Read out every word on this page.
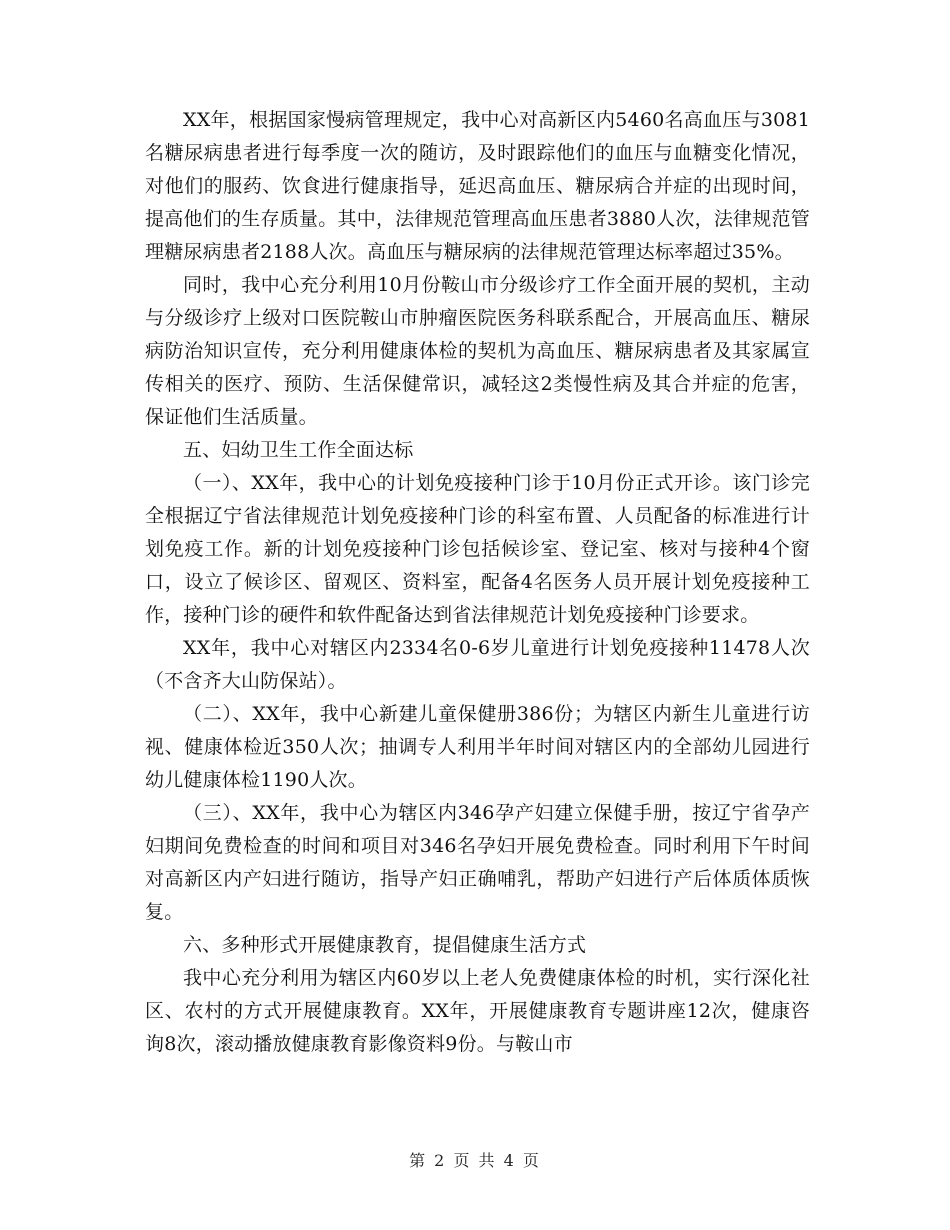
XX年，根据国家慢病管理规定，我中心对高新区内5460名高血压与3081名糖尿病患者进行每季度一次的随访，及时跟踪他们的血压与血糖变化情况，对他们的服药、饮食进行健康指导，延迟高血压、糖尿病合并症的出现时间，提高他们的生存质量。其中，法律规范管理高血压患者3880人次，法律规范管理糖尿病患者2188人次。高血压与糖尿病的法律规范管理达标率超过35%。

同时，我中心充分利用10月份鞍山市分级诊疗工作全面开展的契机，主动与分级诊疗上级对口医院鞍山市肿瘤医院医务科联系配合，开展高血压、糖尿病防治知识宣传，充分利用健康体检的契机为高血压、糖尿病患者及其家属宣传相关的医疗、预防、生活保健常识，减轻这2类慢性病及其合并症的危害，保证他们生活质量。

五、妇幼卫生工作全面达标

（一）、XX年，我中心的计划免疫接种门诊于10月份正式开诊。该门诊完全根据辽宁省法律规范计划免疫接种门诊的科室布置、人员配备的标准进行计划免疫工作。新的计划免疫接种门诊包括候诊室、登记室、核对与接种4个窗口，设立了候诊区、留观区、资料室，配备4名医务人员开展计划免疫接种工作，接种门诊的硬件和软件配备达到省法律规范计划免疫接种门诊要求。

XX年，我中心对辖区内2334名0-6岁儿童进行计划免疫接种11478人次（不含齐大山防保站）。

（二）、XX年，我中心新建儿童保健册386份；为辖区内新生儿童进行访视、健康体检近350人次；抽调专人利用半年时间对辖区内的全部幼儿园进行幼儿健康体检1190人次。

（三）、XX年，我中心为辖区内346孕产妇建立保健手册，按辽宁省孕产妇期间免费检查的时间和项目对346名孕妇开展免费检查。同时利用下午时间对高新区内产妇进行随访，指导产妇正确哺乳，帮助产妇进行产后体质体质恢复。

六、多种形式开展健康教育，提倡健康生活方式

我中心充分利用为辖区内60岁以上老人免费健康体检的时机，实行深化社区、农村的方式开展健康教育。XX年，开展健康教育专题讲座12次，健康咨询8次，滚动播放健康教育影像资料9份。与鞍山市

第 2 页 共 4 页
